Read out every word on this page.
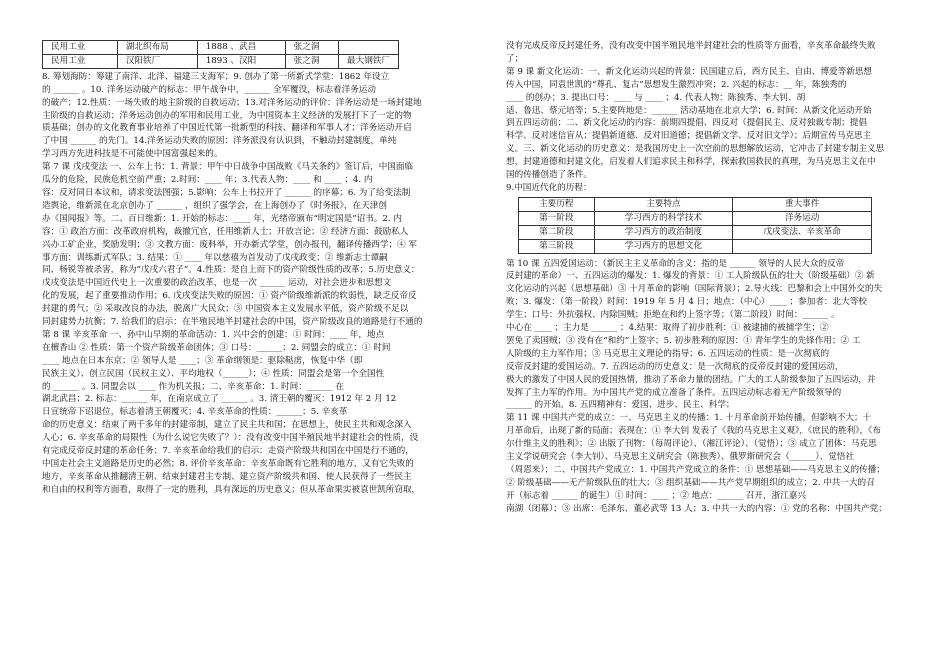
民用工业	湖北织布局	1888 、武昌	张之洞	
民用工业	汉阳铁厂	1893 、汉阳	张之洞	最大钢铁厂

8. 筹划海防：筹建了南洋、北洋、福建三支海军；9. 创办了第一所新式学堂：1862 年设立

的 ______ 。10. 洋务运动破产的标志：甲午战争中，______ 全军覆没，标志着洋务运动

的破产；12.性质：一场失败的地主阶级的自救运动；13.对洋务运动的评价：洋务运动是一场封建地

主阶级的自救运动；洋务运动创办的军用和民用工业，为中国资本主义经济的发展打下了一定的物

质基础；创办的文化教育事业培养了中国近代第一批新型的科技、翻译和军事人才；洋务运动开启

了中国 ______ 的先门。14.洋务运动失败的原因：洋务派没有认识到，不触动封建制度，单纯

学习西方先进科技是不可能使中国富强起来的。

第 7 课 戊戌变法 一、公车上书：1. 背景：甲午中日战争中国战败《马关条约》签订后，中国面临

瓜分的危险，民族危机空前严重；2.时间：____ 年；3.代表人物：____ 和 ____ ；4. 内

容：反对同日本议和，请求变法图强；5.影响：公车上书拉开了 ______ 的序幕；6. 为了给变法制

造舆论，维新派在北京创办了 ______ ，组织了强学会，在上海创办了《时务报》，在天津创

办《国闻报》等。二、百日维新：1. 开始的标志：____ 年，光绪帝颁布“明定国是”诏书。2. 内

容：① 政治方面：改革政府机构，裁撤冗官，任用维新人士；开放言论；② 经济方面：鼓励私人

兴办工矿企业，奖励发明；③ 文教方面：废科举，开办新式学堂，创办报刊，翻译传播西学；④ 军

事方面：训练新式军队；3. 结果：① ____ 年以慈禧为首发动了戊戌政变；② 维新志士谭嗣

同、杨锐等被杀害，称为“戊戌六君子”。4.性质：是自上而下的资产阶级性质的改革；5.历史意义：

戊戌变法是中国近代史上一次重要的政治改革，也是一次 ______ 运动，对社会进步和思想文

化的发展，起了重要推动作用；6. 戊戌变法失败的原因：① 资产阶级维新派的软弱性，缺乏反帝反

封建的勇气；② 采取改良的办法，脱离广大民众；③ 中国资本主义发展水平低，资产阶级不足以

同封建势力抗衡；7. 给我们的启示：在半殖民地半封建社会的中国，资产阶级改良的道路是行不通的

第 8 课 辛亥革命 一、孙中山早期的革命活动：1. 兴中会的创建：① 时间：____ 年，地点

在檀香山 ② 性质：第一个资产阶级革命团体；③ 口号：______；2. 同盟会的成立：① 时间

____ 地点在日本东京；② 领导人是 ____；③ 革命纲领是：驱除鞑虏，恢复中华（即

民族主义）、创立民国（民权主义）、平均地权（______）；④ 性质：同盟会是第一个全国性

的 ______ 。3. 同盟会以 ____ 作为机关报；二、辛亥革命：1. 时间：______ 在

湖北武昌；2. 标志：______ 年，在南京成立了 ______ 。3. 清王朝的覆灭：1912 年 2 月 12

日宣统帝下诏退位，标志着清王朝覆灭；4. 辛亥革命的性质：______；5. 辛亥革

命的历史意义：结束了两千多年的封建帝制，建立了民主共和国；在思想上，使民主共和观念深入

人心；6. 辛亥革命的局限性（为什么说它失败了？）：没有改变中国半殖民地半封建社会的性质，没

有完成反帝反封建的革命任务；7. 辛亥革命给我们的启示：走资产阶级共和国在中国是行不通的，

中国走社会主义道路是历史的必然；8. 评价辛亥革命：辛亥革命既有它胜利的地方，又有它失败的

地方，辛亥革命从推翻清王朝、结束封建君主专制、建立资产阶级共和国、使人民获得了一些民主

和自由的权利等方面看，取得了一定的胜利，具有深远的历史意义；但从革命果实被袁世凯所窃取，

没有完成反帝反封建任务，没有改变中国半殖民地半封建社会的性质等方面看，辛亥革命最终失败

了；

第 9 课 新文化运动：一、新文化运动兴起的背景：民国建立后，西方民主、自由、博爱等新思想

传入中国，同袁世凯的“尊孔、复古”思想发生激烈冲突；2. 兴起的标志：__ 年，陈独秀的

____ 的创办；3. 提出口号：____ 与 ____ ；4. 代表人物：陈独秀、李大钊、胡

适、鲁迅、蔡元培等；5.主要阵地是：______ 活动基地在北京大学；6. 时间：从新文化运动开始

到五四运动前；二、新文化运动的内容：前期四提倡、四反对（提倡民主、反对独裁专制；提倡

科学、反对迷信盲从；提倡新道德、反对旧道德；提倡新文学、反对旧文学）；后期宣传马克思主

义。三、新文化运动的历史意义：是我国历史上一次空前的思想解放运动，它冲击了封建专制主义思

想，封建道德和封建文化，启发着人们追求民主和科学，探索救国救民的真理，为马克思主义在中

国的传播创造了条件。

9.中国近代化的历程：

主要历程	主要特点	重大事件
第一阶段	学习西方的科学技术	洋务运动
第二阶段	学习西方的政治制度	戊戌变法、辛亥革命
第三阶段	学习西方的思想文化	

第 10 课 五四爱国运动：（新民主主义革命的含义：指的是 ______ 领导的人民大众的反帝

反封建的革命）一、五四运动的爆发：1. 爆发的背景：① 工人阶级队伍的壮大（阶级基础）② 新

文化运动的兴起（思想基础）③ 十月革命的影响（国际背景）；2.导火线：巴黎和会上中国外交的失

败；3. 爆发：（第一阶段）时间：1919 年 5 月 4 日；地点：（中心）____ ；参加者：北大等校

学生；口号：外抗强权、内除国贼；拒绝在和约上签字等；（第二阶段）时间：______ 。

中心在 ____ ；主力是 ______ ；4.结果：取得了初步胜利：① 被逮捕的被捕学生；②

罢免了卖国贼；③ 没有在“和约”上签字；5. 初步胜利的原因：① 青年学生的先锋作用；② 工

人阶级的主力军作用；③ 马克思主义理论的指导；6. 五四运动的性质：是一次彻底的

反帝反封建的爱国运动。7. 五四运动的历史意义：是一次彻底的反帝反封建的爱国运动，

极大的激发了中国人民的爱国热情，推动了革命力量的团结。广大的工人阶级参加了五四运动，并

发挥了主力军的作用。为中国共产党的成立准备了条件。五四运动标志着无产阶级领导的

______ 的开始。8. 五四精神有：爱国、进步、民主、科学；

第 11 课 中国共产党的成立：一、马克思主义的传播：1. 十月革命前开始传播，但影响不大；十

月革命后，出现了新的局面；表现在：① 李大钊 发表了《我的马克思主义观》，《庶民的胜利》，《布

尔什维主义的胜利》；② 出版了刊物：（每周评论）、（湘江评论）、（觉悟）；③ 成立了团体：马克思

主义学说研究会（李大钊）、马克思主义研究会（陈独秀）、俄罗斯研究会（______）、觉悟社

（周恩来）；二、中国共产党成立：1. 中国共产党成立的条件：① 思想基础——马克思主义的传播；

② 阶级基础——无产阶级队伍的壮大；③ 组织基础——共产党早期组织的成立；2. 中共一大的召

开（标志着 ______ 的诞生）① 时间：____ ；② 地点：______ 召开，浙江嘉兴

南湖（闭幕）；③ 出席：毛泽东、董必武等 13 人；3. 中共一大的内容：① 党的名称：中国共产党；
